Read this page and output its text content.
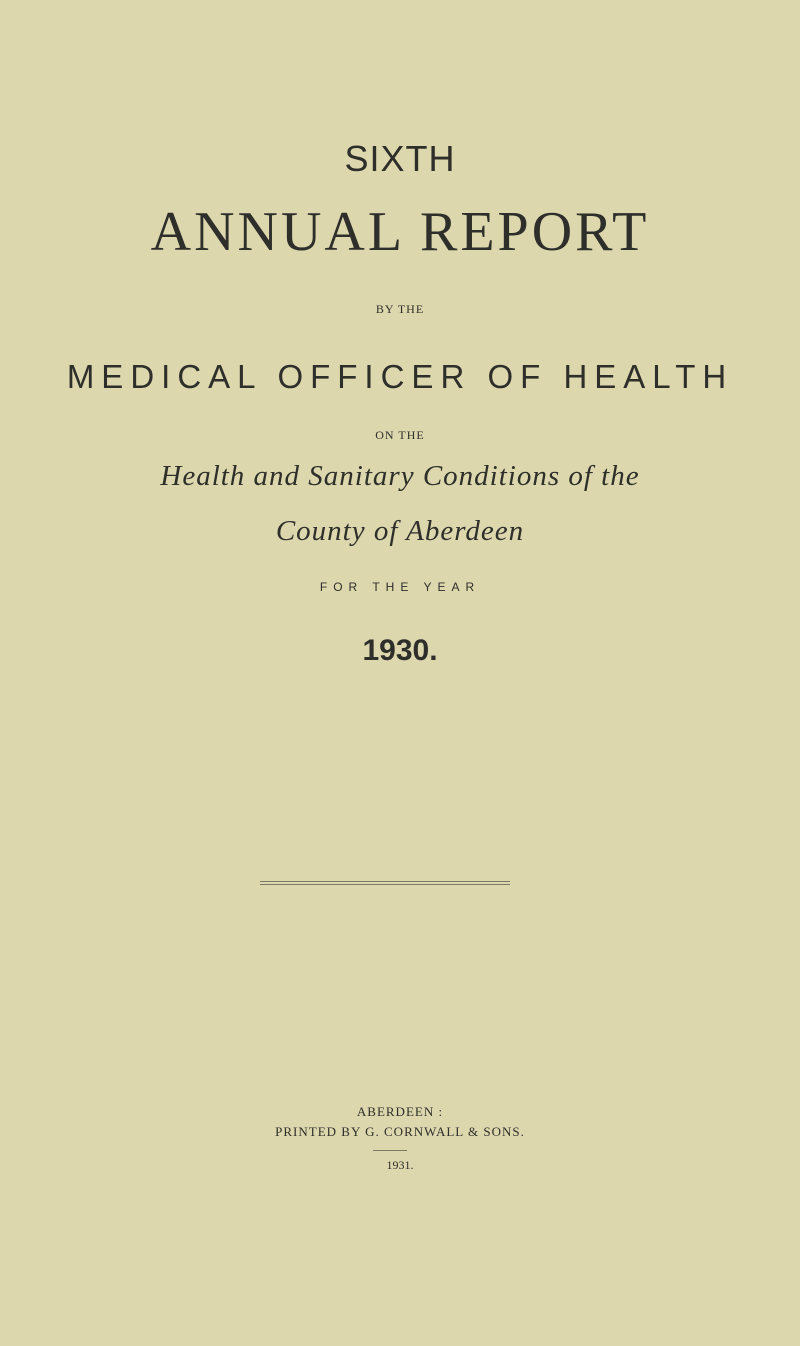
SIXTH
ANNUAL REPORT
BY THE
MEDICAL OFFICER OF HEALTH
ON THE
Health and Sanitary Conditions of the
County of Aberdeen
FOR THE YEAR
1930.
ABERDEEN :
PRINTED BY G. CORNWALL & SONS.
1931.
